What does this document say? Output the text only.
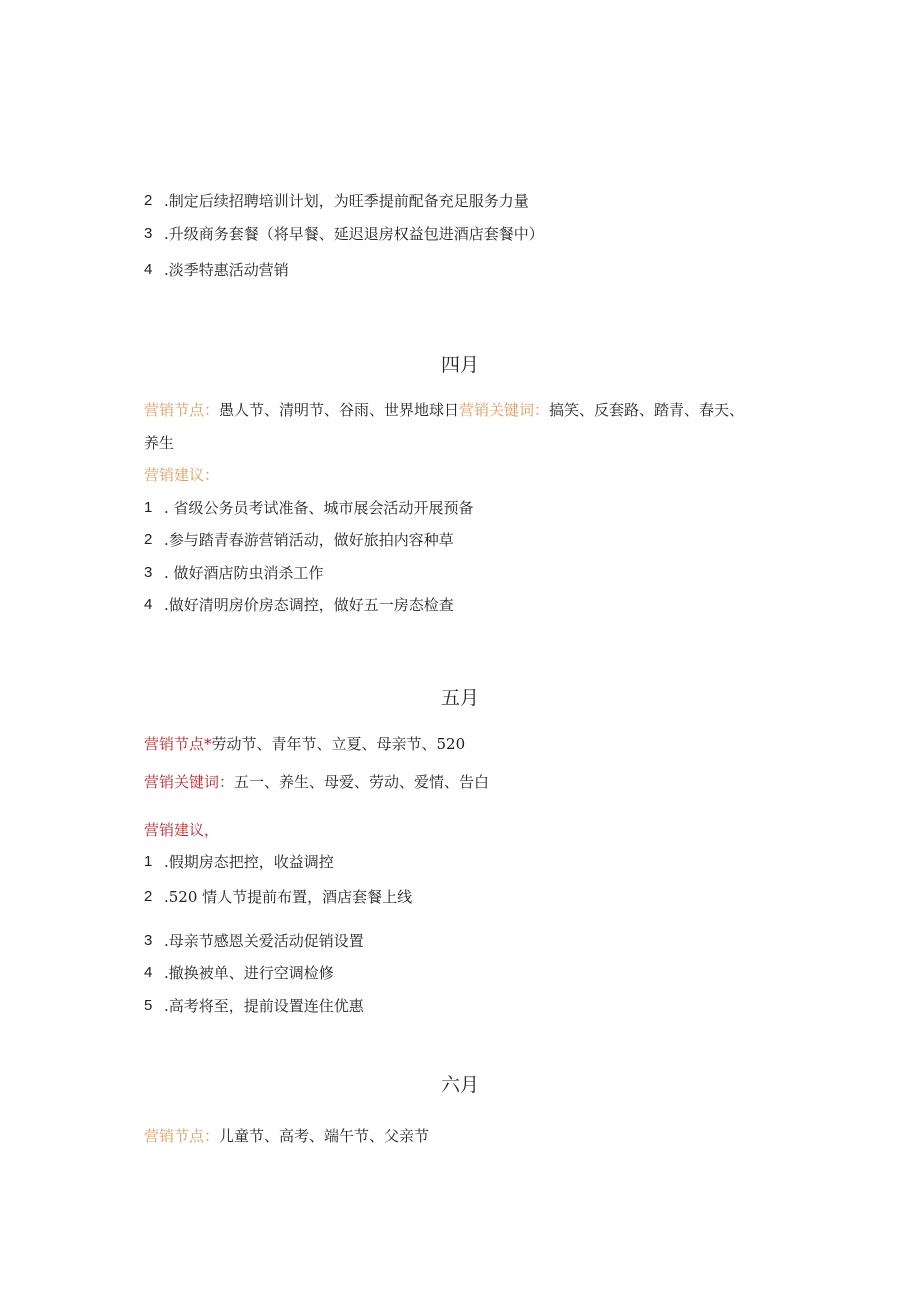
2 .制定后续招聘培训计划，为旺季提前配备充足服务力量
3 .升级商务套餐（将早餐、延迟退房权益包进酒店套餐中）
4 .淡季特惠活动营销
四月
营销节点：愚人节、清明节、谷雨、世界地球日营销关键词：搞笑、反套路、踏青、春天、
养生
营销建议：
1 . 省级公务员考试准备、城市展会活动开展预备
2 .参与踏青春游营销活动，做好旅拍内容种草
3 . 做好酒店防虫消杀工作
4 .做好清明房价房态调控，做好五一房态检查
五月
营销节点*劳动节、青年节、立夏、母亲节、520
营销关键词：五一、养生、母爱、劳动、爱情、告白
营销建议，
1 .假期房态把控，收益调控
2 .520 情人节提前布置，酒店套餐上线
3 .母亲节感恩关爱活动促销设置
4 .撤换被单、进行空调检修
5 .高考将至，提前设置连住优惠
六月
营销节点：儿童节、高考、端午节、父亲节
